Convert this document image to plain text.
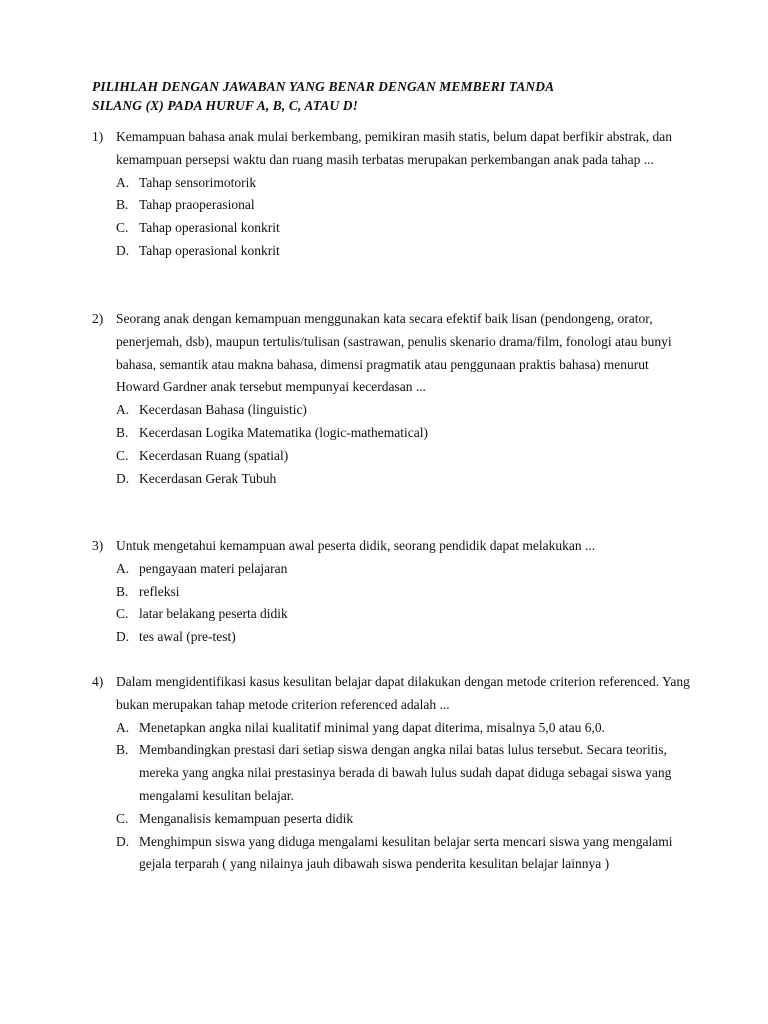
PILIHLAH DENGAN JAWABAN YANG BENAR DENGAN MEMBERI TANDA
SILANG (X) PADA HURUF A, B, C, ATAU D!
1) Kemampuan bahasa anak mulai berkembang, pemikiran masih statis, belum dapat berfikir abstrak, dan kemampuan persepsi waktu dan ruang masih terbatas merupakan perkembangan anak pada tahap ...
A. Tahap sensorimotorik
B. Tahap praoperasional
C. Tahap operasional konkrit
D. Tahap operasional konkrit
2) Seorang anak dengan kemampuan menggunakan kata secara efektif baik lisan (pendongeng, orator, penerjemah, dsb), maupun tertulis/tulisan (sastrawan, penulis skenario drama/film, fonologi atau bunyi bahasa, semantik atau makna bahasa, dimensi pragmatik atau penggunaan praktis bahasa) menurut Howard Gardner anak tersebut mempunyai kecerdasan ...
A. Kecerdasan Bahasa (linguistic)
B. Kecerdasan Logika Matematika (logic-mathematical)
C. Kecerdasan Ruang (spatial)
D. Kecerdasan Gerak Tubuh
3) Untuk mengetahui kemampuan awal peserta didik, seorang pendidik dapat melakukan ...
A. pengayaan materi pelajaran
B. refleksi
C. latar belakang peserta didik
D. tes awal (pre-test)
4) Dalam mengidentifikasi kasus kesulitan belajar dapat dilakukan dengan metode criterion referenced. Yang bukan merupakan tahap metode criterion referenced adalah ...
A. Menetapkan angka nilai kualitatif minimal yang dapat diterima, misalnya 5,0 atau 6,0.
B. Membandingkan prestasi dari setiap siswa dengan angka nilai batas lulus tersebut. Secara teoritis, mereka yang angka nilai prestasinya berada di bawah lulus sudah dapat diduga sebagai siswa yang mengalami kesulitan belajar.
C. Menganalisis kemampuan peserta didik
D. Menghimpun siswa yang diduga mengalami kesulitan belajar serta mencari siswa yang mengalami gejala terparah ( yang nilainya jauh dibawah siswa penderita kesulitan belajar lainnya )
